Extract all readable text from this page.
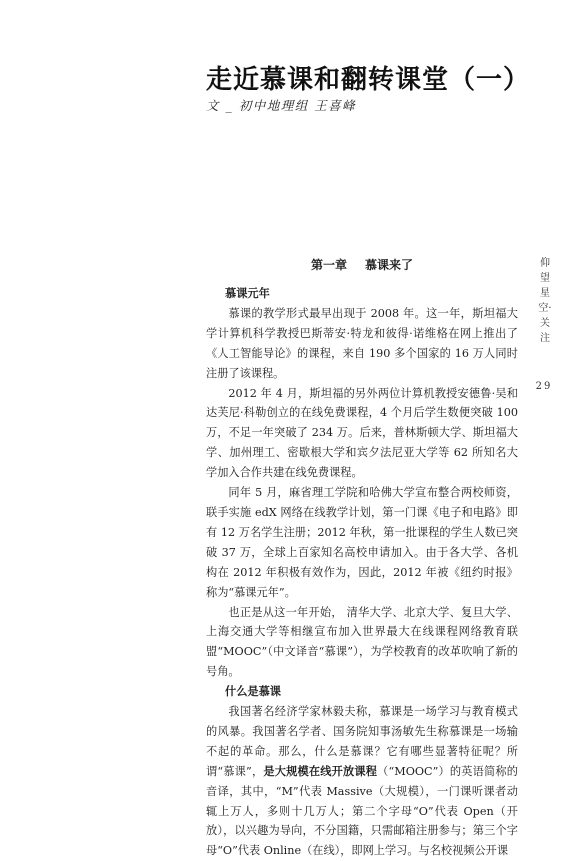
走近慕课和翻转课堂（一）
文 _ 初中地理组 王喜峰
仰望星空·关注
29
第一章 慕课来了

慕课元年

慕课的教学形式最早出现于 2008 年。这一年，斯坦福大学计算机科学教授巴斯蒂安·特龙和彼得·诺维格在网上推出了《人工智能导论》的课程，来自 190 多个国家的 16 万人同时注册了该课程。

2012 年 4 月，斯坦福的另外两位计算机教授安德鲁·吴和达芙尼·科勒创立的在线免费课程，4 个月后学生数便突破 100 万，不足一年突破了 234 万。后来，普林斯顿大学、斯坦福大学、加州理工、密歇根大学和宾夕法尼亚大学等 62 所知名大学加入合作共建在线免费课程。

同年 5 月，麻省理工学院和哈佛大学宣布整合两校师资，联手实施 edX 网络在线教学计划，第一门课《电子和电路》即有 12 万名学生注册；2012 年秋，第一批课程的学生人数已突破 37 万，全球上百家知名高校申请加入。由于各大学、各机构在 2012 年积极有效作为，因此，2012 年被《纽约时报》称为“慕课元年”。

也正是从这一年开始， 清华大学、北京大学、复旦大学、上海交通大学等相继宣布加入世界最大在线课程网络教育联盟“MOOC”（中文译音“慕课”），为学校教育的改革吹响了新的号角。

什么是慕课

我国著名经济学家林毅夫称，慕课是一场学习与教育模式的风暴。我国著名学者、国务院知事汤敏先生称慕课是一场输不起的革命。那么，什么是慕课？它有哪些显著特征呢？所谓“慕课”，是大规模在线开放课程（“MOOC”）的英语简称的音译，其中，“M”代表 Massive（大规模），一门课听课者动辄上万人，多则十几万人；第二个字母“O”代表 Open（开放），以兴趣为导向，不分国籍，只需邮箱注册参与；第三个字母“O”代表 Online（在线），即网上学习。与名校视频公开课
